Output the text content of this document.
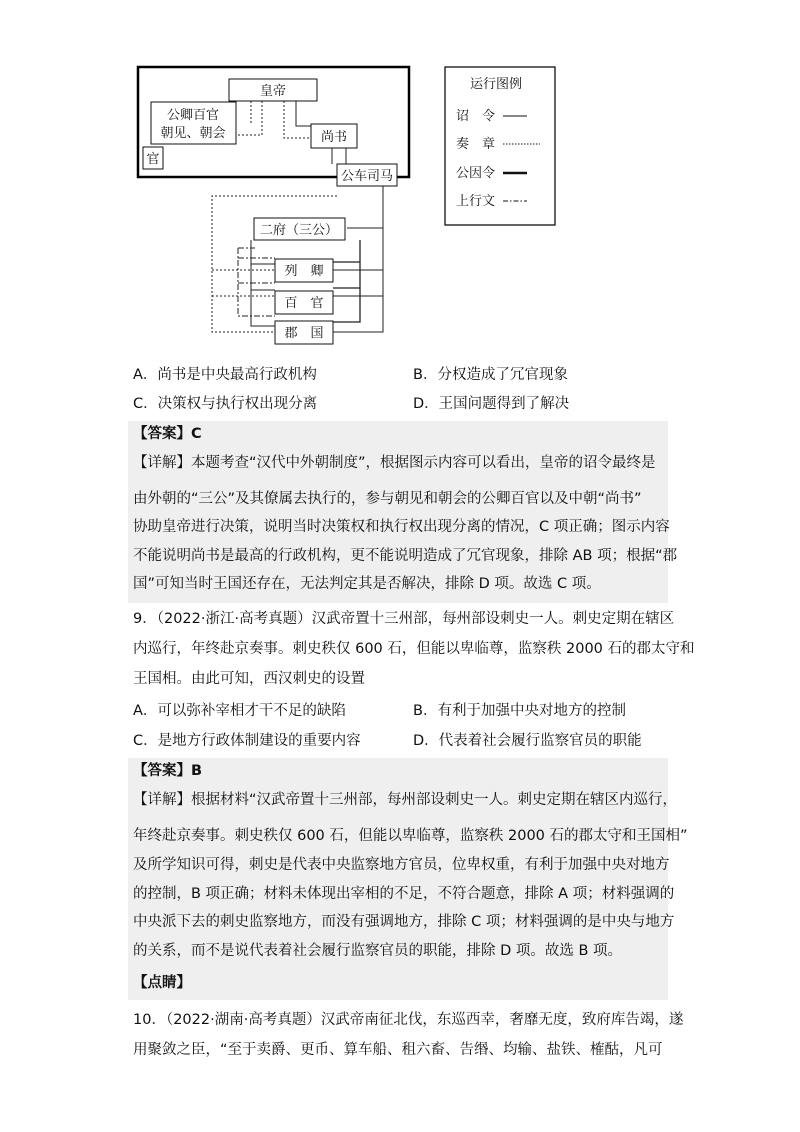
皇帝
公卿百官
朝见、朝会	尚书
官
公车司马
二府（三公）
列　卿
百　官
郡　国
运行图例
诏　令
奏　章
公因令
上行文
A．尚书是中央最高行政机构	B．分权造成了冗官现象
C．决策权与执行权出现分离	D．王国问题得到了解决
【答案】C
【详解】本题考查“汉代中外朝制度”，根据图示内容可以看出，皇帝的诏令最终是
由外朝的“三公”及其僚属去执行的，参与朝见和朝会的公卿百官以及中朝“尚书”
协助皇帝进行决策，说明当时决策权和执行权出现分离的情况，C 项正确；图示内容
不能说明尚书是最高的行政机构，更不能说明造成了冗官现象，排除 AB 项；根据“郡
国”可知当时王国还存在，无法判定其是否解决，排除 D 项。故选 C 项。
9．（2022·浙江·高考真题）汉武帝置十三州部，每州部设刺史一人。刺史定期在辖区
内巡行，年终赴京奏事。刺史秩仅 600 石，但能以卑临尊，监察秩 2000 石的郡太守和
王国相。由此可知，西汉刺史的设置
A．可以弥补宰相才干不足的缺陷	B．有利于加强中央对地方的控制
C．是地方行政体制建设的重要内容	D．代表着社会履行监察官员的职能
【答案】B
【详解】根据材料“汉武帝置十三州部，每州部设刺史一人。刺史定期在辖区内巡行，
年终赴京奏事。刺史秩仅 600 石，但能以卑临尊，监察秩 2000 石的郡太守和王国相”
及所学知识可得，刺史是代表中央监察地方官员，位卑权重，有利于加强中央对地方
的控制，B 项正确；材料未体现出宰相的不足，不符合题意，排除 A 项；材料强调的
中央派下去的刺史监察地方，而没有强调地方，排除 C 项；材料强调的是中央与地方
的关系，而不是说代表着社会履行监察官员的职能，排除 D 项。故选 B 项。
【点睛】
10．（2022·湖南·高考真题）汉武帝南征北伐，东巡西幸，奢靡无度，致府库告竭，遂
用聚敛之臣，“至于卖爵、更币、算车船、租六畜、告缗、均输、盐铁、榷酤，凡可
